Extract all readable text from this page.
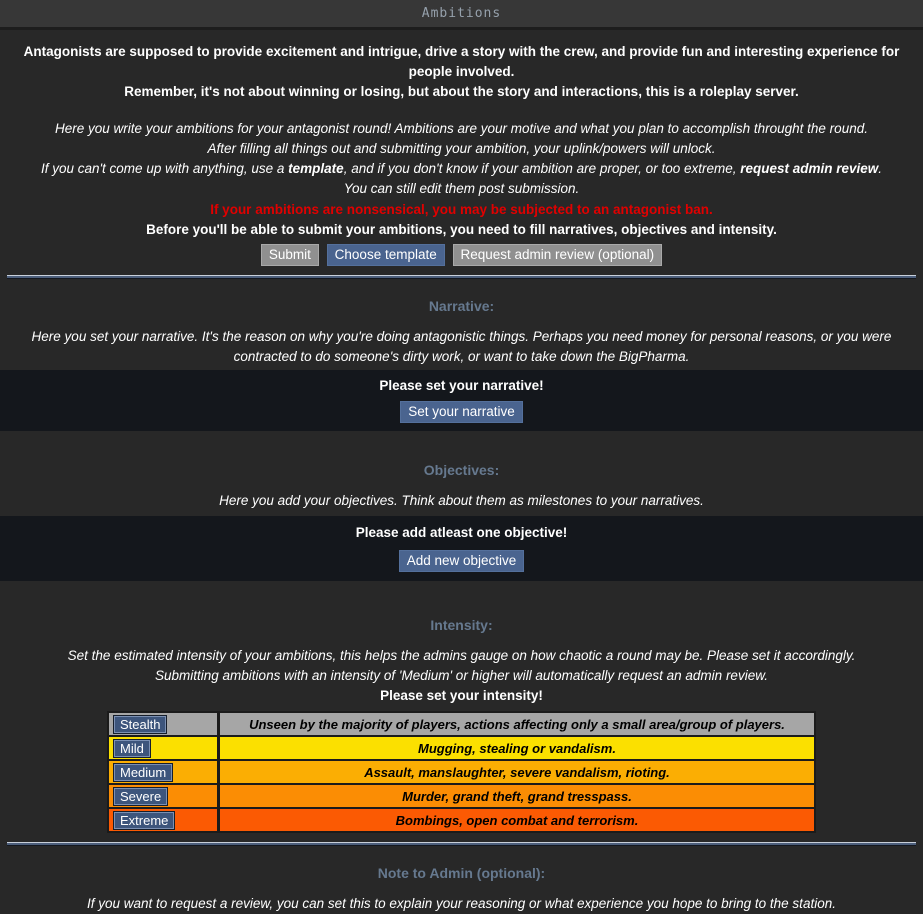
Ambitions
Antagonists are supposed to provide excitement and intrigue, drive a story with the crew, and provide fun and interesting experience for people involved.
Remember, it's not about winning or losing, but about the story and interactions, this is a roleplay server.
Here you write your ambitions for your antagonist round! Ambitions are your motive and what you plan to accomplish throught the round.
After filling all things out and submitting your ambition, your uplink/powers will unlock.
If you can't come up with anything, use a template, and if you don't know if your ambition are proper, or too extreme, request admin review.
You can still edit them post submission.
If your ambitions are nonsensical, you may be subjected to an antagonist ban.
Before you'll be able to submit your ambitions, you need to fill narratives, objectives and intensity.
Submit Choose template Request admin review (optional)
Narrative:
Here you set your narrative. It's the reason on why you're doing antagonistic things. Perhaps you need money for personal reasons, or you were contracted to do someone's dirty work, or want to take down the BigPharma.
Please set your narrative!
Set your narrative
Objectives:
Here you add your objectives. Think about them as milestones to your narratives.
Please add atleast one objective!
Add new objective
Intensity:
Set the estimated intensity of your ambitions, this helps the admins gauge on how chaotic a round may be. Please set it accordingly.
Submitting ambitions with an intensity of 'Medium' or higher will automatically request an admin review.
Please set your intensity!
Stealth	Unseen by the majority of players, actions affecting only a small area/group of players.
Mild	Mugging, stealing or vandalism.
Medium	Assault, manslaughter, severe vandalism, rioting.
Severe	Murder, grand theft, grand tresspass.
Extreme	Bombings, open combat and terrorism.
Note to Admin (optional):
If you want to request a review, you can set this to explain your reasoning or what experience you hope to bring to the station.
